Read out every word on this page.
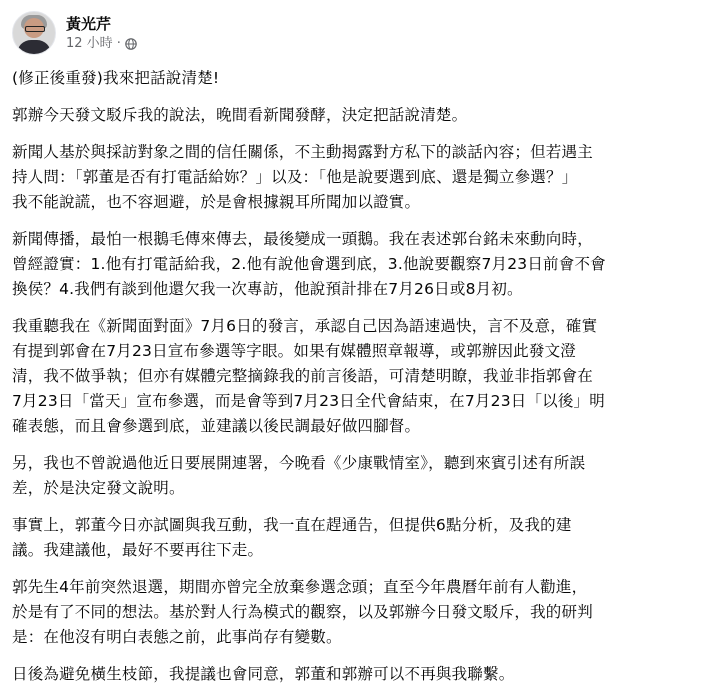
黃光芹
12 小時 ·

(修正後重發)我來把話說清楚!

郭辦今天發文駁斥我的說法，晚間看新聞發酵，決定把話說清楚。

新聞人基於與採訪對象之間的信任關係，不主動揭露對方私下的談話內容；但若遇主
持人問：「郭董是否有打電話給妳？」以及：「他是說要選到底、還是獨立參選？」
我不能說謊，也不容迴避，於是會根據親耳所聞加以證實。

新聞傳播，最怕一根鵝毛傳來傳去，最後變成一頭鵝。我在表述郭台銘未來動向時，
曾經證實：1.他有打電話給我，2.他有說他會選到底，3.他說要觀察7月23日前會不會
換侯？4.我們有談到他還欠我一次專訪，他說預計排在7月26日或8月初。

我重聽我在《新聞面對面》7月6日的發言，承認自己因為語速過快，言不及意，確實
有提到郭會在7月23日宣布參選等字眼。如果有媒體照章報導，或郭辦因此發文澄
清，我不做爭執；但亦有媒體完整摘錄我的前言後語，可清楚明瞭，我並非指郭會在
7月23日「當天」宣布參選，而是會等到7月23日全代會結束，在7月23日「以後」明
確表態，而且會參選到底，並建議以後民調最好做四腳督。

另，我也不曾說過他近日要展開連署，今晚看《少康戰情室》，聽到來賓引述有所誤
差，於是決定發文說明。

事實上，郭董今日亦試圖與我互動，我一直在趕通告，但提供6點分析，及我的建
議。我建議他，最好不要再往下走。

郭先生4年前突然退選，期間亦曾完全放棄參選念頭；直至今年農曆年前有人勸進，
於是有了不同的想法。基於對人行為模式的觀察，以及郭辦今日發文駁斥，我的研判
是：在他沒有明白表態之前，此事尚存有變數。

日後為避免橫生枝節，我提議也會同意，郭董和郭辦可以不再與我聯繫。
